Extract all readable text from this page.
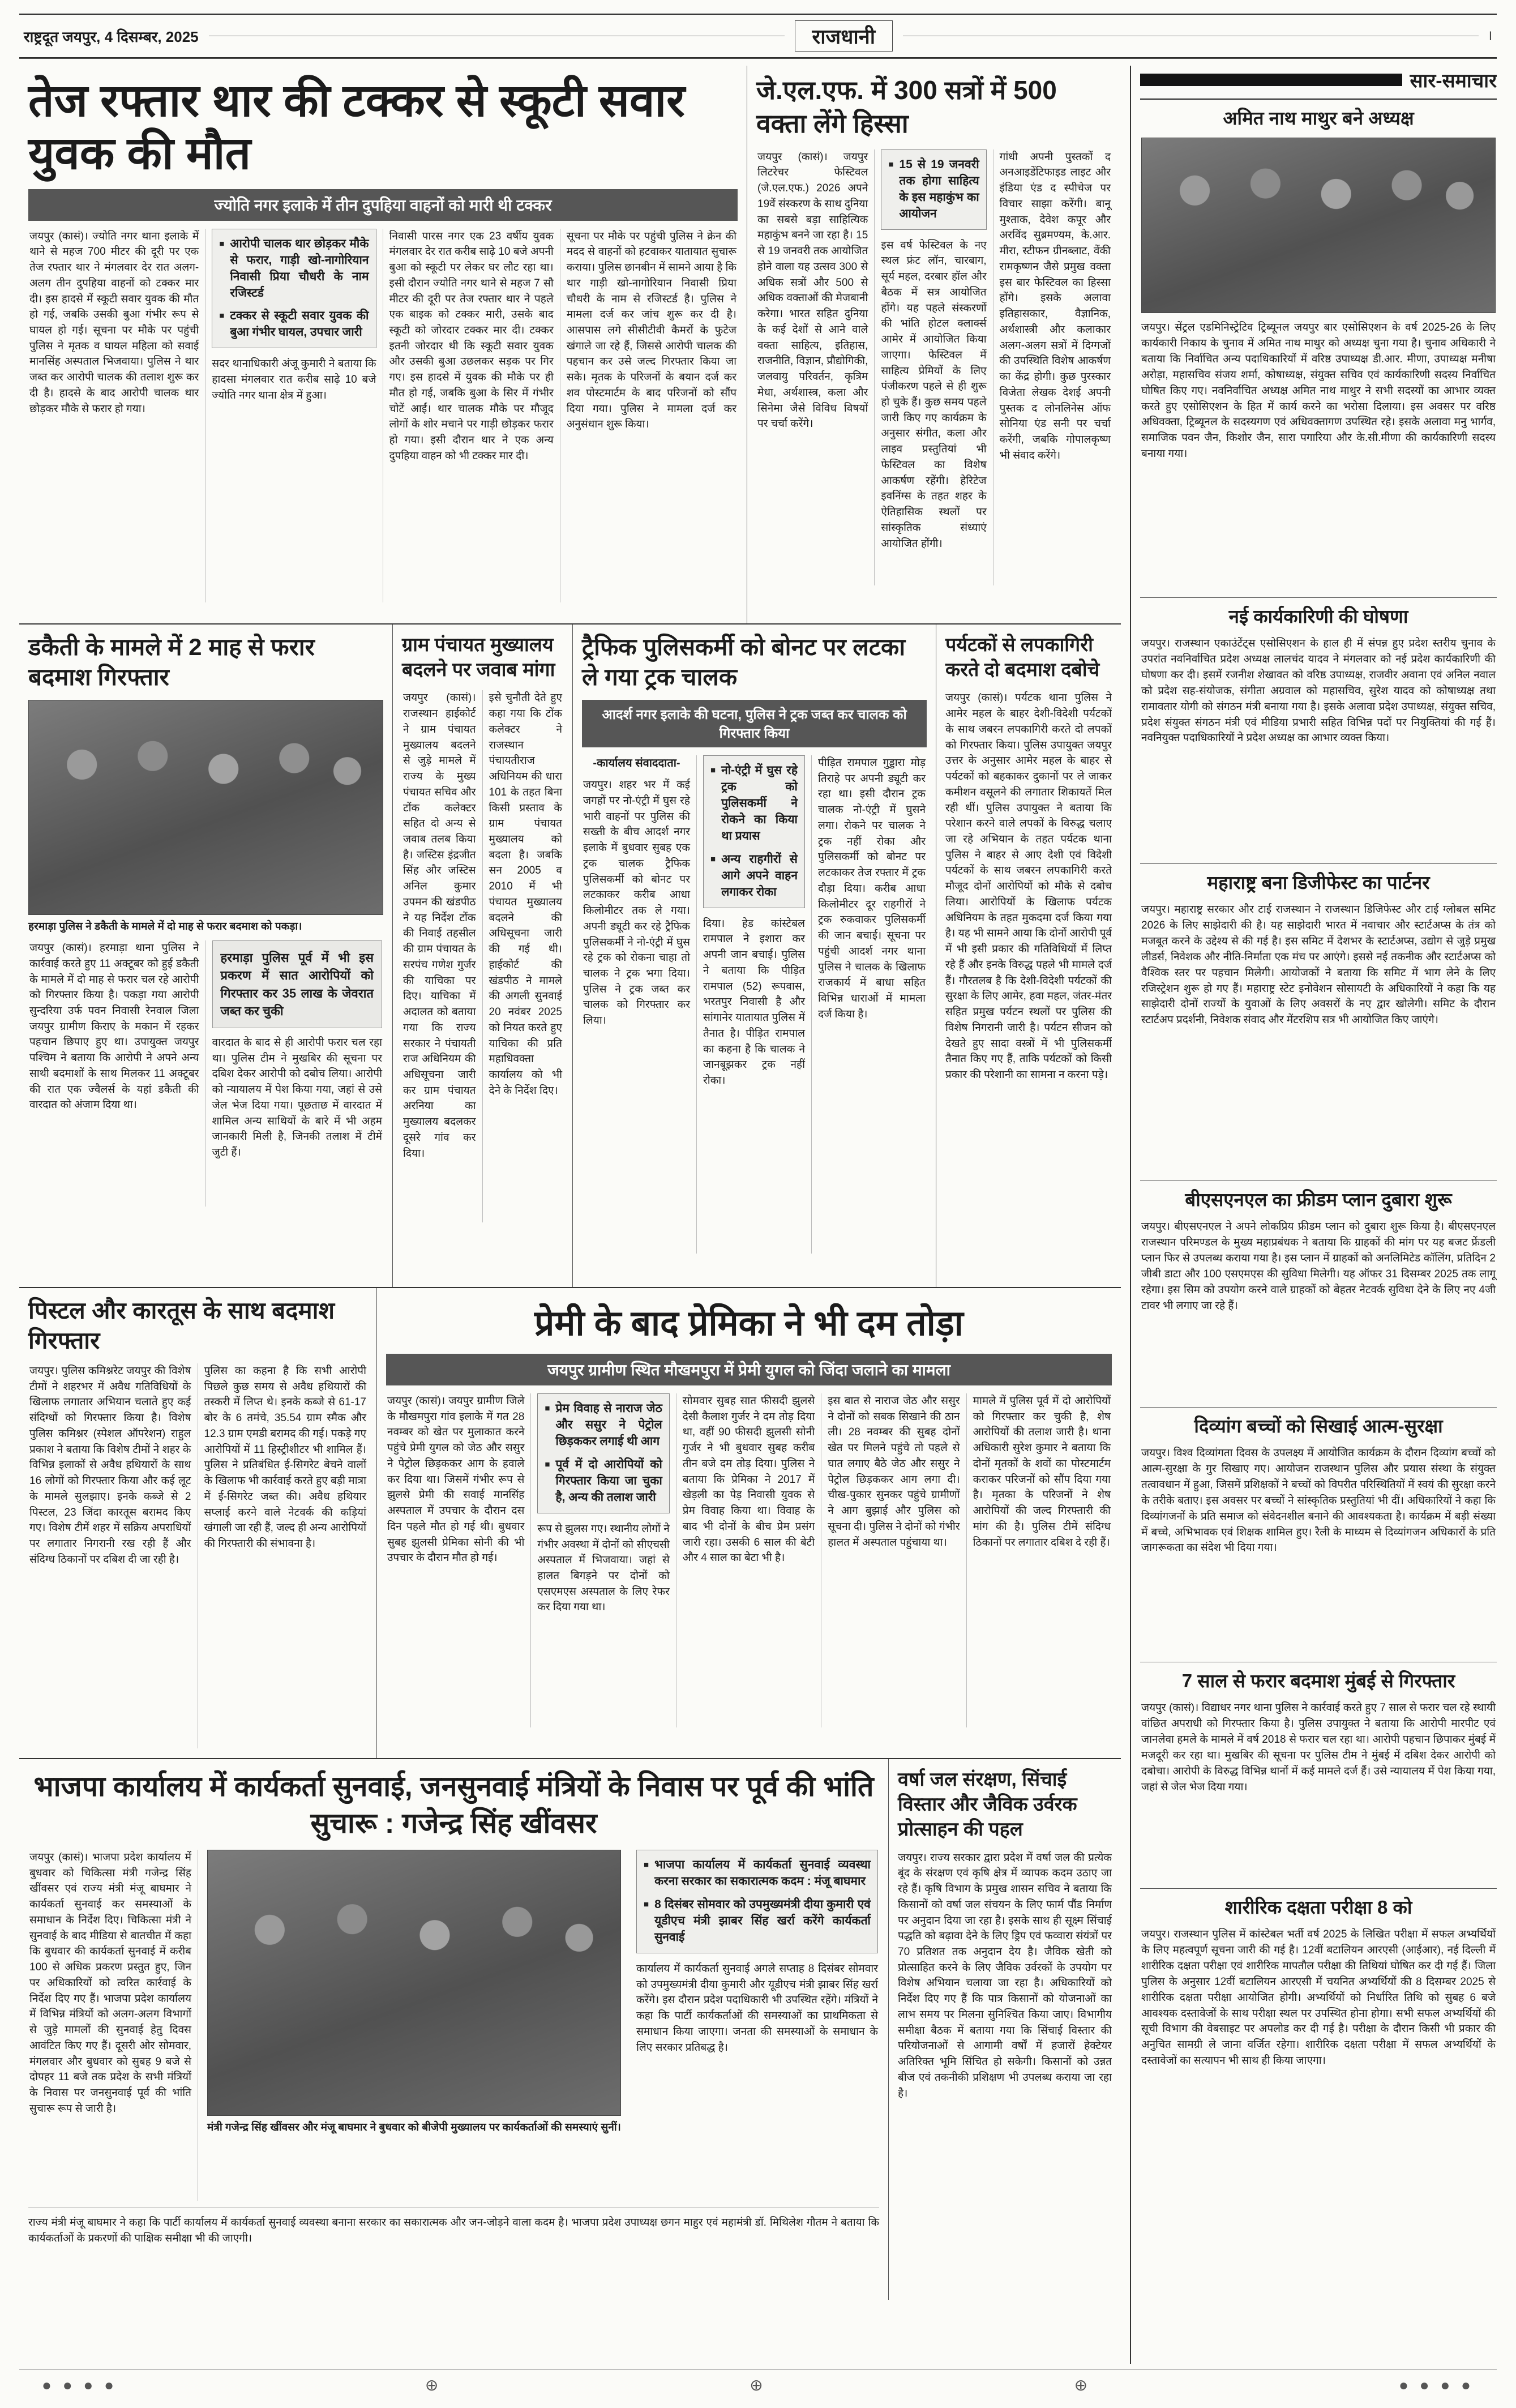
राष्ट्रदूत जयपुर, 4 दिसम्बर, 2025	राजधानी	I
तेज रफ्तार थार की टक्कर से स्कूटी सवार युवक की मौत
ज्योति नगर इलाके में तीन दुपहिया वाहनों को मारी थी टक्कर
जयपुर (कासं)। ज्योति नगर थाना इलाके में थाने से महज 700 मीटर की दूरी पर एक तेज रफ्तार थार ने मंगलवार देर रात अलग-अलग तीन दुपहिया वाहनों को टक्कर मार दी। इस हादसे में स्कूटी सवार युवक की मौत हो गई, जबकि उसकी बुआ गंभीर रूप से घायल हो गई। सूचना पर मौके पर पहुंची पुलिस ने मृतक व घायल महिला को सवाई मानसिंह अस्पताल भिजवाया। पुलिस ने थार जब्त कर आरोपी चालक की तलाश शुरू कर दी है। हादसे के बाद आरोपी चालक थार छोड़कर मौके से फरार हो गया।
■ आरोपी चालक थार छोड़कर मौके से फरार, गाड़ी खो-नागोरियान निवासी प्रिया चौधरी के नाम रजिस्टर्ड
■ टक्कर से स्कूटी सवार युवक की बुआ गंभीर घायल, उपचार जारी
सदर थानाधिकारी अंजू कुमारी ने बताया कि हादसा मंगलवार रात करीब साढ़े 10 बजे ज्योति नगर थाना क्षेत्र में हुआ।
निवासी पारस नगर एक 23 वर्षीय युवक मंगलवार देर रात करीब साढ़े 10 बजे अपनी बुआ को स्कूटी पर लेकर घर लौट रहा था। इसी दौरान ज्योति नगर थाने से महज 7 सौ मीटर की दूरी पर तेज रफ्तार थार ने पहले एक बाइक को टक्कर मारी, उसके बाद स्कूटी को जोरदार टक्कर मार दी। टक्कर इतनी जोरदार थी कि स्कूटी सवार युवक और उसकी बुआ उछलकर सड़क पर गिर गए। इस हादसे में युवक की मौके पर ही मौत हो गई, जबकि बुआ के सिर में गंभीर चोटें आईं। थार चालक मौके पर मौजूद लोगों के शोर मचाने पर गाड़ी छोड़कर फरार हो गया। इसी दौरान थार ने एक अन्य दुपहिया वाहन को भी टक्कर मार दी।
सूचना पर मौके पर पहुंची पुलिस ने क्रेन की मदद से वाहनों को हटवाकर यातायात सुचारू कराया। पुलिस छानबीन में सामने आया है कि थार गाड़ी खो-नागोरियान निवासी प्रिया चौधरी के नाम से रजिस्टर्ड है। पुलिस ने मामला दर्ज कर जांच शुरू कर दी है। आसपास लगे सीसीटीवी कैमरों के फुटेज खंगाले जा रहे हैं, जिससे आरोपी चालक की पहचान कर उसे जल्द गिरफ्तार किया जा सके। मृतक के परिजनों के बयान दर्ज कर शव पोस्टमार्टम के बाद परिजनों को सौंप दिया गया। पुलिस ने मामला दर्ज कर अनुसंधान शुरू किया।
जे.एल.एफ. में 300 सत्रों में 500 वक्ता लेंगे हिस्सा
जयपुर (कासं)। जयपुर लिटरेचर फेस्टिवल (जे.एल.एफ.) 2026 अपने 19वें संस्करण के साथ दुनिया का सबसे बड़ा साहित्यिक महाकुंभ बनने जा रहा है। 15 से 19 जनवरी तक आयोजित होने वाला यह उत्सव 300 से अधिक सत्रों और 500 से अधिक वक्ताओं की मेजबानी करेगा। भारत सहित दुनिया के कई देशों से आने वाले वक्ता साहित्य, इतिहास, राजनीति, विज्ञान, प्रौद्योगिकी, जलवायु परिवर्तन, कृत्रिम मेधा, अर्थशास्त्र, कला और सिनेमा जैसे विविध विषयों पर चर्चा करेंगे।
■ 15 से 19 जनवरी तक होगा साहित्य के इस महाकुंभ का आयोजन
इस वर्ष फेस्टिवल के नए स्थल फ्रंट लॉन, चारबाग, सूर्य महल, दरबार हॉल और बैठक में सत्र आयोजित होंगे। यह पहले संस्करणों की भांति होटल क्लार्क्स आमेर में आयोजित किया जाएगा। फेस्टिवल में साहित्य प्रेमियों के लिए पंजीकरण पहले से ही शुरू हो चुके हैं। कुछ समय पहले जारी किए गए कार्यक्रम के अनुसार संगीत, कला और लाइव प्रस्तुतियां भी फेस्टिवल का विशेष आकर्षण रहेंगी। हेरिटेज इवनिंग्स के तहत शहर के ऐतिहासिक स्थलों पर सांस्कृतिक संध्याएं आयोजित होंगी।
गांधी अपनी पुस्तकों द अनआइडेंटिफाइड लाइट और इंडिया एंड द स्पीचेज पर विचार साझा करेंगी। बानू मुश्ताक, देवेश कपूर और अरविंद सुब्रमण्यम, के.आर. मीरा, स्टीफन ग्रीनब्लाट, वेंकी रामकृष्णन जैसे प्रमुख वक्ता इस बार फेस्टिवल का हिस्सा होंगे। इसके अलावा इतिहासकार, वैज्ञानिक, अर्थशास्त्री और कलाकार अलग-अलग सत्रों में दिग्गजों की उपस्थिति विशेष आकर्षण का केंद्र होगी। कुछ पुरस्कार विजेता लेखक देशई अपनी पुस्तक द लोनलिनेस ऑफ सोनिया एंड सनी पर चर्चा करेंगी, जबकि गोपालकृष्ण भी संवाद करेंगे।
डकैती के मामले में 2 माह से फरार बदमाश गिरफ्तार
हरमाड़ा पुलिस ने डकैती के मामले में दो माह से फरार बदमाश को पकड़ा।
जयपुर (कासं)। हरमाड़ा थाना पुलिस ने कार्रवाई करते हुए 11 अक्टूबर को हुई डकैती के मामले में दो माह से फरार चल रहे आरोपी को गिरफ्तार किया है। पकड़ा गया आरोपी सुन्दरिया उर्फ पवन निवासी रेनवाल जिला जयपुर ग्रामीण किराए के मकान में रहकर पहचान छिपाए हुए था। उपायुक्त जयपुर पश्चिम ने बताया कि आरोपी ने अपने अन्य साथी बदमाशों के साथ मिलकर 11 अक्टूबर की रात एक ज्वैलर्स के यहां डकैती की वारदात को अंजाम दिया था।
हरमाड़ा पुलिस पूर्व में भी इस प्रकरण में सात आरोपियों को गिरफ्तार कर 35 लाख के जेवरात जब्त कर चुकी
वारदात के बाद से ही आरोपी फरार चल रहा था। पुलिस टीम ने मुखबिर की सूचना पर दबिश देकर आरोपी को दबोच लिया। आरोपी को न्यायालय में पेश किया गया, जहां से उसे जेल भेज दिया गया। पूछताछ में वारदात में शामिल अन्य साथियों के बारे में भी अहम जानकारी मिली है, जिनकी तलाश में टीमें जुटी हैं।
ग्राम पंचायत मुख्यालय बदलने पर जवाब मांगा
जयपुर (कासं)। राजस्थान हाईकोर्ट ने ग्राम पंचायत मुख्यालय बदलने से जुड़े मामले में राज्य के मुख्य पंचायत सचिव और टोंक कलेक्टर सहित दो अन्य से जवाब तलब किया है। जस्टिस इंद्रजीत सिंह और जस्टिस अनिल कुमार उपमन की खंडपीठ ने यह निर्देश टोंक की निवाई तहसील की ग्राम पंचायत के सरपंच गणेश गुर्जर की याचिका पर दिए। याचिका में अदालत को बताया गया कि राज्य सरकार ने पंचायती राज अधिनियम की अधिसूचना जारी कर ग्राम पंचायत अरनिया का मुख्यालय बदलकर दूसरे गांव कर दिया।
इसे चुनौती देते हुए कहा गया कि टोंक कलेक्टर ने राजस्थान पंचायतीराज अधिनियम की धारा 101 के तहत बिना किसी प्रस्ताव के ग्राम पंचायत मुख्यालय को बदला है। जबकि सन 2005 व 2010 में भी पंचायत मुख्यालय बदलने की अधिसूचना जारी की गई थी। हाईकोर्ट की खंडपीठ ने मामले की अगली सुनवाई 20 नवंबर 2025 को नियत करते हुए याचिका की प्रति महाधिवक्ता कार्यालय को भी देने के निर्देश दिए।
ट्रैफिक पुलिसकर्मी को बोनट पर लटका ले गया ट्रक चालक
आदर्श नगर इलाके की घटना, पुलिस ने ट्रक जब्त कर चालक को गिरफ्तार किया
-कार्यालय संवाददाता-
जयपुर। शहर भर में कई जगहों पर नो-एंट्री में घुस रहे भारी वाहनों पर पुलिस की सख्ती के बीच आदर्श नगर इलाके में बुधवार सुबह एक ट्रक चालक ट्रैफिक पुलिसकर्मी को बोनट पर लटकाकर करीब आधा किलोमीटर तक ले गया। अपनी ड्यूटी कर रहे ट्रैफिक पुलिसकर्मी ने नो-एंट्री में घुस रहे ट्रक को रोकना चाहा तो चालक ने ट्रक भगा दिया। पुलिस ने ट्रक जब्त कर चालक को गिरफ्तार कर लिया।
■ नो-एंट्री में घुस रहे ट्रक को पुलिसकर्मी ने रोकने का किया था प्रयास
■ अन्य राहगीरों से आगे अपने वाहन लगाकर रोका
दिया। हेड कांस्टेबल रामपाल ने इशारा कर अपनी जान बचाई। पुलिस ने बताया कि पीड़ित रामपाल (52) रूपवास, भरतपुर निवासी है और सांगानेर यातायात पुलिस में तैनात है। पीड़ित रामपाल का कहना है कि चालक ने जानबूझकर ट्रक नहीं रोका।
पीड़ित रामपाल गुड्डारा मोड़ तिराहे पर अपनी ड्यूटी कर रहा था। इसी दौरान ट्रक चालक नो-एंट्री में घुसने लगा। रोकने पर चालक ने ट्रक नहीं रोका और पुलिसकर्मी को बोनट पर लटकाकर तेज रफ्तार में ट्रक दौड़ा दिया। करीब आधा किलोमीटर दूर राहगीरों ने ट्रक रुकवाकर पुलिसकर्मी की जान बचाई। सूचना पर पहुंची आदर्श नगर थाना पुलिस ने चालक के खिलाफ राजकार्य में बाधा सहित विभिन्न धाराओं में मामला दर्ज किया है।
पर्यटकों से लपकागिरी करते दो बदमाश दबोचे
जयपुर (कासं)। पर्यटक थाना पुलिस ने आमेर महल के बाहर देशी-विदेशी पर्यटकों के साथ जबरन लपकागिरी करते दो लपकों को गिरफ्तार किया। पुलिस उपायुक्त जयपुर उत्तर के अनुसार आमेर महल के बाहर से पर्यटकों को बहकाकर दुकानों पर ले जाकर कमीशन वसूलने की लगातार शिकायतें मिल रही थीं। पुलिस उपायुक्त ने बताया कि परेशान करने वाले लपकों के विरुद्ध चलाए जा रहे अभियान के तहत पर्यटक थाना पुलिस ने बाहर से आए देशी एवं विदेशी पर्यटकों के साथ जबरन लपकागिरी करते मौजूद दोनों आरोपियों को मौके से दबोच लिया। आरोपियों के खिलाफ पर्यटक अधिनियम के तहत मुकदमा दर्ज किया गया है। यह भी सामने आया कि दोनों आरोपी पूर्व में भी इसी प्रकार की गतिविधियों में लिप्त रहे हैं और इनके विरुद्ध पहले भी मामले दर्ज हैं। गौरतलब है कि देशी-विदेशी पर्यटकों की सुरक्षा के लिए आमेर, हवा महल, जंतर-मंतर सहित प्रमुख पर्यटन स्थलों पर पुलिस की विशेष निगरानी जारी है। पर्यटन सीजन को देखते हुए सादा वस्त्रों में भी पुलिसकर्मी तैनात किए गए हैं, ताकि पर्यटकों को किसी प्रकार की परेशानी का सामना न करना पड़े।
पिस्टल और कारतूस के साथ बदमाश गिरफ्तार
जयपुर। पुलिस कमिश्नरेट जयपुर की विशेष टीमों ने शहरभर में अवैध गतिविधियों के खिलाफ लगातार अभियान चलाते हुए कई संदिग्धों को गिरफ्तार किया है। विशेष पुलिस कमिश्नर (स्पेशल ऑपरेशन) राहुल प्रकाश ने बताया कि विशेष टीमों ने शहर के विभिन्न इलाकों से अवैध हथियारों के साथ 16 लोगों को गिरफ्तार किया और कई लूट के मामले सुलझाए। इनके कब्जे से 2 पिस्टल, 23 जिंदा कारतूस बरामद किए गए। विशेष टीमें शहर में सक्रिय अपराधियों पर लगातार निगरानी रख रही हैं और संदिग्ध ठिकानों पर दबिश दी जा रही है।
पुलिस का कहना है कि सभी आरोपी पिछले कुछ समय से अवैध हथियारों की तस्करी में लिप्त थे। इनके कब्जे से 61-17 बोर के 6 तमंचे, 35.54 ग्राम स्मैक और 12.3 ग्राम एमडी बरामद की गई। पकड़े गए आरोपियों में 11 हिस्ट्रीशीटर भी शामिल हैं। पुलिस ने प्रतिबंधित ई-सिगरेट बेचने वालों के खिलाफ भी कार्रवाई करते हुए बड़ी मात्रा में ई-सिगरेट जब्त की। अवैध हथियार सप्लाई करने वाले नेटवर्क की कड़ियां खंगाली जा रही हैं, जल्द ही अन्य आरोपियों की गिरफ्तारी की संभावना है।
प्रेमी के बाद प्रेमिका ने भी दम तोड़ा
जयपुर ग्रामीण स्थित मौखमपुरा में प्रेमी युगल को जिंदा जलाने का मामला
जयपुर (कासं)। जयपुर ग्रामीण जिले के मौखमपुरा गांव इलाके में गत 28 नवम्बर को खेत पर मुलाकात करने पहुंचे प्रेमी युगल को जेठ और ससुर ने पेट्रोल छिड़ककर आग के हवाले कर दिया था। जिसमें गंभीर रूप से झुलसे प्रेमी की सवाई मानसिंह अस्पताल में उपचार के दौरान दस दिन पहले मौत हो गई थी। बुधवार सुबह झुलसी प्रेमिका सोनी की भी उपचार के दौरान मौत हो गई।
■ प्रेम विवाह से नाराज जेठ और ससुर ने पेट्रोल छिड़ककर लगाई थी आग
■ पूर्व में दो आरोपियों को गिरफ्तार किया जा चुका है, अन्य की तलाश जारी
रूप से झुलस गए। स्थानीय लोगों ने गंभीर अवस्था में दोनों को सीएचसी अस्पताल में भिजवाया। जहां से हालत बिगड़ने पर दोनों को एसएमएस अस्पताल के लिए रेफर कर दिया गया था।
सोमवार सुबह सात फीसदी झुलसे देसी कैलाश गुर्जर ने दम तोड़ दिया था, वहीं 90 फीसदी झुलसी सोनी गुर्जर ने भी बुधवार सुबह करीब तीन बजे दम तोड़ दिया। पुलिस ने बताया कि प्रेमिका ने 2017 में खेड़ली का पेड़ निवासी युवक से प्रेम विवाह किया था। विवाह के बाद भी दोनों के बीच प्रेम प्रसंग जारी रहा। उसकी 6 साल की बेटी और 4 साल का बेटा भी है।
इस बात से नाराज जेठ और ससुर ने दोनों को सबक सिखाने की ठान ली। 28 नवम्बर की सुबह दोनों खेत पर मिलने पहुंचे तो पहले से घात लगाए बैठे जेठ और ससुर ने पेट्रोल छिड़ककर आग लगा दी। चीख-पुकार सुनकर पहुंचे ग्रामीणों ने आग बुझाई और पुलिस को सूचना दी। पुलिस ने दोनों को गंभीर हालत में अस्पताल पहुंचाया था।
मामले में पुलिस पूर्व में दो आरोपियों को गिरफ्तार कर चुकी है, शेष आरोपियों की तलाश जारी है। थाना अधिकारी सुरेश कुमार ने बताया कि दोनों मृतकों के शवों का पोस्टमार्टम कराकर परिजनों को सौंप दिया गया है। मृतका के परिजनों ने शेष आरोपियों की जल्द गिरफ्तारी की मांग की है। पुलिस टीमें संदिग्ध ठिकानों पर लगातार दबिश दे रही हैं।
भाजपा कार्यालय में कार्यकर्ता सुनवाई, जनसुनवाई मंत्रियों के निवास पर पूर्व की भांति सुचारू : गजेन्द्र सिंह खींवसर
जयपुर (कासं)। भाजपा प्रदेश कार्यालय में बुधवार को चिकित्सा मंत्री गजेन्द्र सिंह खींवसर एवं राज्य मंत्री मंजू बाघमार ने कार्यकर्ता सुनवाई कर समस्याओं के समाधान के निर्देश दिए। चिकित्सा मंत्री ने सुनवाई के बाद मीडिया से बातचीत में कहा कि बुधवार की कार्यकर्ता सुनवाई में करीब 100 से अधिक प्रकरण प्रस्तुत हुए, जिन पर अधिकारियों को त्वरित कार्रवाई के निर्देश दिए गए हैं। भाजपा प्रदेश कार्यालय में विभिन्न मंत्रियों को अलग-अलग विभागों से जुड़े मामलों की सुनवाई हेतु दिवस आवंटित किए गए हैं। दूसरी ओर सोमवार, मंगलवार और बुधवार को सुबह 9 बजे से दोपहर 11 बजे तक प्रदेश के सभी मंत्रियों के निवास पर जनसुनवाई पूर्व की भांति सुचारू रूप से जारी है।
मंत्री गजेन्द्र सिंह खींवसर और मंजू बाघमार ने बुधवार को बीजेपी मुख्यालय पर कार्यकर्ताओं की समस्याएं सुनीं।
■ भाजपा कार्यालय में कार्यकर्ता सुनवाई व्यवस्था करना सरकार का सकारात्मक कदम : मंजू बाघमार
■ 8 दिसंबर सोमवार को उपमुख्यमंत्री दीया कुमारी एवं यूडीएच मंत्री झाबर सिंह खर्रा करेंगे कार्यकर्ता सुनवाई
कार्यालय में कार्यकर्ता सुनवाई अगले सप्ताह 8 दिसंबर सोमवार को उपमुख्यमंत्री दीया कुमारी और यूडीएच मंत्री झाबर सिंह खर्रा करेंगे। इस दौरान प्रदेश पदाधिकारी भी उपस्थित रहेंगे। मंत्रियों ने कहा कि पार्टी कार्यकर्ताओं की समस्याओं का प्राथमिकता से समाधान किया जाएगा। जनता की समस्याओं के समाधान के लिए सरकार प्रतिबद्ध है।
राज्य मंत्री मंजू बाघमार ने कहा कि पार्टी कार्यालय में कार्यकर्ता सुनवाई व्यवस्था बनाना सरकार का सकारात्मक और जन-जोड़ने वाला कदम है। भाजपा प्रदेश उपाध्यक्ष छगन माहुर एवं महामंत्री डॉ. मिथिलेश गौतम ने बताया कि कार्यकर्ताओं के प्रकरणों की पाक्षिक समीक्षा भी की जाएगी।
वर्षा जल संरक्षण, सिंचाई विस्तार और जैविक उर्वरक प्रोत्साहन की पहल
जयपुर। राज्य सरकार द्वारा प्रदेश में वर्षा जल की प्रत्येक बूंद के संरक्षण एवं कृषि क्षेत्र में व्यापक कदम उठाए जा रहे हैं। कृषि विभाग के प्रमुख शासन सचिव ने बताया कि किसानों को वर्षा जल संचयन के लिए फार्म पौंड निर्माण पर अनुदान दिया जा रहा है। इसके साथ ही सूक्ष्म सिंचाई पद्धति को बढ़ावा देने के लिए ड्रिप एवं फव्वारा संयंत्रों पर 70 प्रतिशत तक अनुदान देय है। जैविक खेती को प्रोत्साहित करने के लिए जैविक उर्वरकों के उपयोग पर विशेष अभियान चलाया जा रहा है। अधिकारियों को निर्देश दिए गए हैं कि पात्र किसानों को योजनाओं का लाभ समय पर मिलना सुनिश्चित किया जाए। विभागीय समीक्षा बैठक में बताया गया कि सिंचाई विस्तार की परियोजनाओं से आगामी वर्षों में हजारों हेक्टेयर अतिरिक्त भूमि सिंचित हो सकेगी। किसानों को उन्नत बीज एवं तकनीकी प्रशिक्षण भी उपलब्ध कराया जा रहा है।
सार-समाचार
अमित नाथ माथुर बने अध्यक्ष
जयपुर। सेंट्रल एडमिनिस्ट्रेटिव ट्रिब्यूनल जयपुर बार एसोसिएशन के वर्ष 2025-26 के लिए कार्यकारी निकाय के चुनाव में अमित नाथ माथुर को अध्यक्ष चुना गया है। चुनाव अधिकारी ने बताया कि निर्वाचित अन्य पदाधिकारियों में वरिष्ठ उपाध्यक्ष डी.आर. मीणा, उपाध्यक्ष मनीषा अरोड़ा, महासचिव संजय शर्मा, कोषाध्यक्ष, संयुक्त सचिव एवं कार्यकारिणी सदस्य निर्वाचित घोषित किए गए। नवनिर्वाचित अध्यक्ष अमित नाथ माथुर ने सभी सदस्यों का आभार व्यक्त करते हुए एसोसिएशन के हित में कार्य करने का भरोसा दिलाया। इस अवसर पर वरिष्ठ अधिवक्ता, ट्रिब्यूनल के सदस्यगण एवं अधिवक्तागण उपस्थित रहे। इसके अलावा मनु भार्गव, समाजिक पवन जैन, किशोर जैन, सारा पगारिया और के.सी.मीणा की कार्यकारिणी सदस्य बनाया गया।
नई कार्यकारिणी की घोषणा
जयपुर। राजस्थान एकाउंटेंट्स एसोसिएशन के हाल ही में संपन्न हुए प्रदेश स्तरीय चुनाव के उपरांत नवनिर्वाचित प्रदेश अध्यक्ष लालचंद यादव ने मंगलवार को नई प्रदेश कार्यकारिणी की घोषणा कर दी। इसमें रजनीश शेखावत को वरिष्ठ उपाध्यक्ष, राजवीर अवाना एवं अनिल नवाल को प्रदेश सह-संयोजक, संगीता अग्रवाल को महासचिव, सुरेश यादव को कोषाध्यक्ष तथा रामावतार योगी को संगठन मंत्री बनाया गया है। इसके अलावा प्रदेश उपाध्यक्ष, संयुक्त सचिव, प्रदेश संयुक्त संगठन मंत्री एवं मीडिया प्रभारी सहित विभिन्न पदों पर नियुक्तियां की गई हैं। नवनियुक्त पदाधिकारियों ने प्रदेश अध्यक्ष का आभार व्यक्त किया।
महाराष्ट्र बना डिजीफेस्ट का पार्टनर
जयपुर। महाराष्ट्र सरकार और टाई राजस्थान ने राजस्थान डिजिफेस्ट और टाई ग्लोबल समिट 2026 के लिए साझेदारी की है। यह साझेदारी भारत में नवाचार और स्टार्टअप्स के तंत्र को मजबूत करने के उद्देश्य से की गई है। इस समिट में देशभर के स्टार्टअप्स, उद्योग से जुड़े प्रमुख लीडर्स, निवेशक और नीति-निर्माता एक मंच पर आएंगे। इससे नई तकनीक और स्टार्टअप्स को वैश्विक स्तर पर पहचान मिलेगी। आयोजकों ने बताया कि समिट में भाग लेने के लिए रजिस्ट्रेशन शुरू हो गए हैं। महाराष्ट्र स्टेट इनोवेशन सोसायटी के अधिकारियों ने कहा कि यह साझेदारी दोनों राज्यों के युवाओं के लिए अवसरों के नए द्वार खोलेगी। समिट के दौरान स्टार्टअप प्रदर्शनी, निवेशक संवाद और मेंटरशिप सत्र भी आयोजित किए जाएंगे।
बीएसएनएल का फ्रीडम प्लान दुबारा शुरू
जयपुर। बीएसएनएल ने अपने लोकप्रिय फ्रीडम प्लान को दुबारा शुरू किया है। बीएसएनएल राजस्थान परिमण्डल के मुख्य महाप्रबंधक ने बताया कि ग्राहकों की मांग पर यह बजट फ्रेंडली प्लान फिर से उपलब्ध कराया गया है। इस प्लान में ग्राहकों को अनलिमिटेड कॉलिंग, प्रतिदिन 2 जीबी डाटा और 100 एसएमएस की सुविधा मिलेगी। यह ऑफर 31 दिसम्बर 2025 तक लागू रहेगा। इस सिम को उपयोग करने वाले ग्राहकों को बेहतर नेटवर्क सुविधा देने के लिए नए 4जी टावर भी लगाए जा रहे हैं।
दिव्यांग बच्चों को सिखाई आत्म-सुरक्षा
जयपुर। विश्व दिव्यांगता दिवस के उपलक्ष्य में आयोजित कार्यक्रम के दौरान दिव्यांग बच्चों को आत्म-सुरक्षा के गुर सिखाए गए। आयोजन राजस्थान पुलिस और प्रयास संस्था के संयुक्त तत्वावधान में हुआ, जिसमें प्रशिक्षकों ने बच्चों को विपरीत परिस्थितियों में स्वयं की सुरक्षा करने के तरीके बताए। इस अवसर पर बच्चों ने सांस्कृतिक प्रस्तुतियां भी दीं। अधिकारियों ने कहा कि दिव्यांगजनों के प्रति समाज को संवेदनशील बनाने की आवश्यकता है। कार्यक्रम में बड़ी संख्या में बच्चे, अभिभावक एवं शिक्षक शामिल हुए। रैली के माध्यम से दिव्यांगजन अधिकारों के प्रति जागरूकता का संदेश भी दिया गया।
7 साल से फरार बदमाश मुंबई से गिरफ्तार
जयपुर (कासं)। विद्याधर नगर थाना पुलिस ने कार्रवाई करते हुए 7 साल से फरार चल रहे स्थायी वांछित अपराधी को गिरफ्तार किया है। पुलिस उपायुक्त ने बताया कि आरोपी मारपीट एवं जानलेवा हमले के मामले में वर्ष 2018 से फरार चल रहा था। आरोपी पहचान छिपाकर मुंबई में मजदूरी कर रहा था। मुखबिर की सूचना पर पुलिस टीम ने मुंबई में दबिश देकर आरोपी को दबोचा। आरोपी के विरुद्ध विभिन्न थानों में कई मामले दर्ज हैं। उसे न्यायालय में पेश किया गया, जहां से जेल भेज दिया गया।
शारीरिक दक्षता परीक्षा 8 को
जयपुर। राजस्थान पुलिस में कांस्टेबल भर्ती वर्ष 2025 के लिखित परीक्षा में सफल अभ्यर्थियों के लिए महत्वपूर्ण सूचना जारी की गई है। 12वीं बटालियन आरएसी (आईआर), नई दिल्ली में शारीरिक दक्षता परीक्षा एवं शारीरिक मापतौल परीक्षा की तिथियां घोषित कर दी गई हैं। जिला पुलिस के अनुसार 12वीं बटालियन आरएसी में चयनित अभ्यर्थियों की 8 दिसम्बर 2025 से शारीरिक दक्षता परीक्षा आयोजित होगी। अभ्यर्थियों को निर्धारित तिथि को सुबह 6 बजे आवश्यक दस्तावेजों के साथ परीक्षा स्थल पर उपस्थित होना होगा। सभी सफल अभ्यर्थियों की सूची विभाग की वेबसाइट पर अपलोड कर दी गई है। परीक्षा के दौरान किसी भी प्रकार की अनुचित सामग्री ले जाना वर्जित रहेगा। शारीरिक दक्षता परीक्षा में सफल अभ्यर्थियों के दस्तावेजों का सत्यापन भी साथ ही किया जाएगा।
● ● ● ●	⊕	⊕	⊕	● ● ● ●
